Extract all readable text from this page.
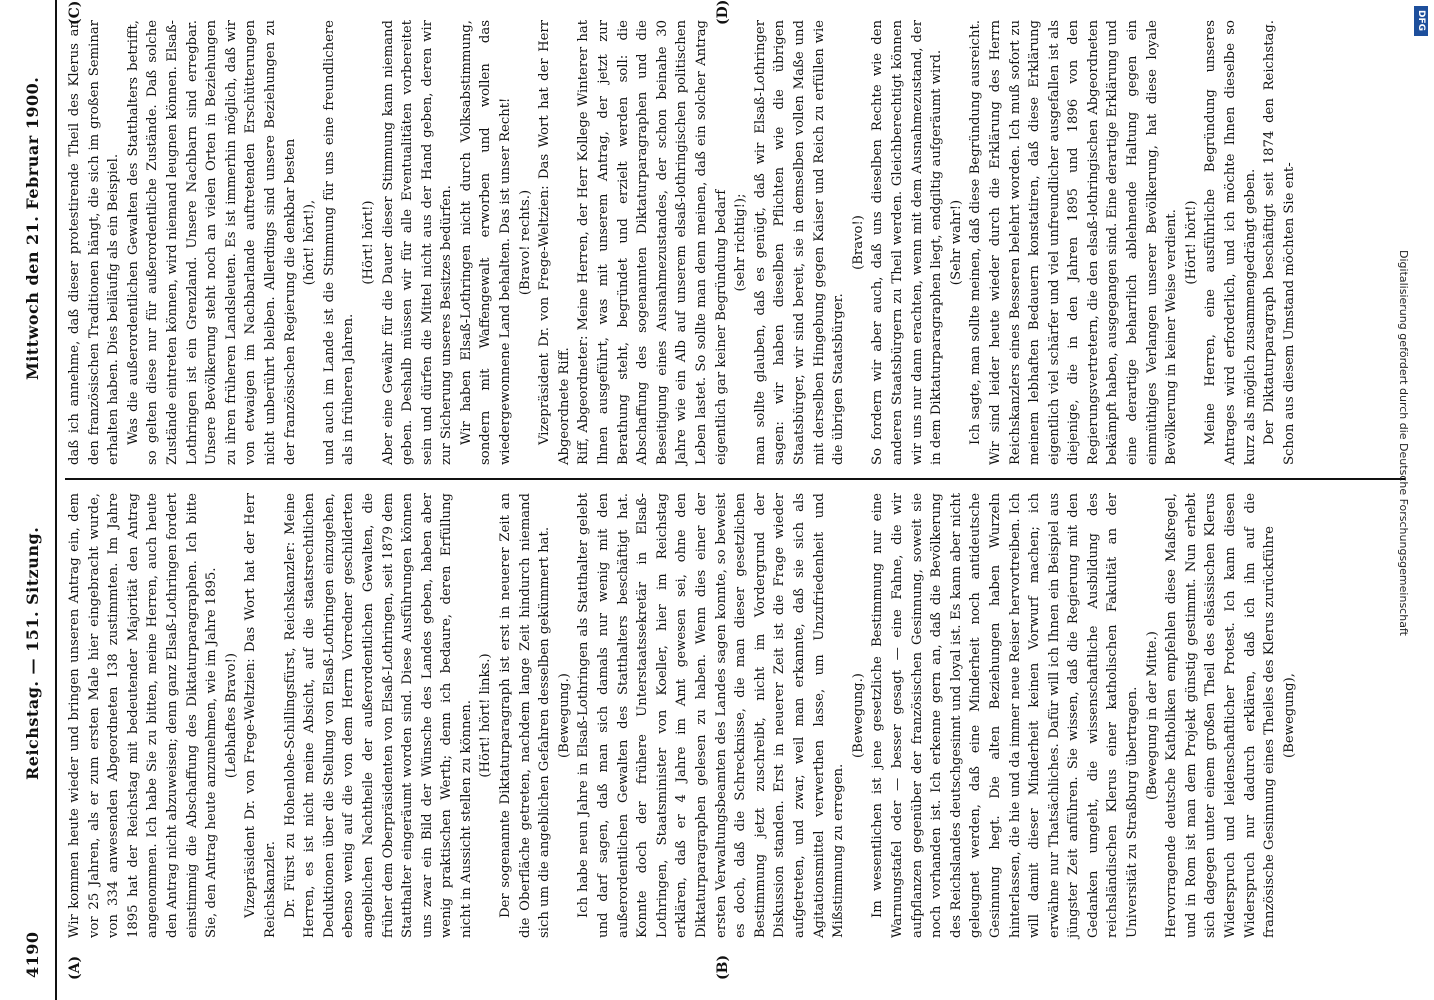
4190
Reichstag. — 151. Sitzung.
Mittwoch den 21. Februar 1900.
(A)	(B)
(C)	(D)

Wir kommen heute wieder und bringen unseren Antrag ein, dem vor 25 Jahren, als er zum ersten Male hier eingebracht wurde, von 334 anwesenden Abgeordneten 138 zustimmten. Im Jahre 1895 hat der Reichstag mit bedeutender Majorität den Antrag angenommen. Ich habe Sie zu bitten, meine Herren, auch heute den Antrag nicht abzuweisen; denn ganz Elsaß-Lothringen fordert einstimmig die Abschaffung des Diktaturparagraphen. Ich bitte Sie, den Antrag heute anzunehmen, wie im Jahre 1895. (Lebhaftes Bravo!) Vizepräsident Dr. von Frege-Weltzien: Das Wort hat der Herr Reichskanzler. Dr. Fürst zu Hohenlohe-Schillingsfürst, Reichskanzler: Meine Herren, es ist nicht meine Absicht, auf die staatsrechtlichen Deduktionen über die Stellung von Elsaß-Lothringen einzugehen, ebenso wenig auf die von dem Herrn Vorredner geschilderten angeblichen Nachtheile der außerordentlichen Gewalten, die früher dem Oberpräsidenten von Elsaß-Lothringen, seit 1879 dem Statthalter eingeräumt worden sind. Diese Ausführungen können uns zwar ein Bild der Wünsche des Landes geben, haben aber wenig praktischen Werth; denn ich bedaure, deren Erfüllung nicht in Aussicht stellen zu können. (Hört! hört! links.) Der sogenannte Diktaturparagraph ist erst in neuerer Zeit an die Oberfläche getreten, nachdem lange Zeit hindurch niemand sich um die angeblichen Gefahren desselben gekümmert hat. (Bewegung.) Ich habe neun Jahre in Elsaß-Lothringen als Statthalter gelebt und darf sagen, daß man sich damals nur wenig mit den außerordentlichen Gewalten des Statthalters beschäftigt hat. Konnte doch der frühere Unterstaatssekretär in Elsaß-Lothringen, Staatsminister von Koeller, hier im Reichstag erklären, daß er 4 Jahre im Amt gewesen sei, ohne den Diktaturparagraphen gelesen zu haben. Wenn dies einer der ersten Verwaltungsbeamten des Landes sagen konnte, so beweist es doch, daß die Schrecknisse, die man dieser gesetzlichen Bestimmung jetzt zuschreibt, nicht im Vordergrund der Diskussion standen. Erst in neuerer Zeit ist die Frage wieder aufgetreten, und zwar, weil man erkannte, daß sie sich als Agitationsmittel verwerthen lasse, um Unzufriedenheit und Mißstimmung zu erregen.

(Bewegung.) Im wesentlichen ist jene gesetzliche Bestimmung nur eine Warnungstafel oder — besser gesagt — eine Fahne, die wir aufpflanzen gegenüber der französischen Gesinnung, soweit sie noch vorhanden ist. Ich erkenne gern an, daß die Bevölkerung des Reichslandes deutschgesinnt und loyal ist. Es kann aber nicht geleugnet werden, daß eine Minderheit noch antideutsche Gesinnung hegt. Die alten Beziehungen haben Wurzeln hinterlassen, die hie und da immer neue Reiser hervortreiben. Ich will damit dieser Minderheit keinen Vorwurf machen; ich erwähne nur Thatsächliches. Dafür will ich Ihnen ein Beispiel aus jüngster Zeit anführen. Sie wissen, daß die Regierung mit den Gedanken umgeht, die wissenschaftliche Ausbildung des reichsländischen Klerus einer katholischen Fakultät an der Universität zu Straßburg übertragen. (Bewegung in der Mitte.) Hervorragende deutsche Katholiken empfehlen diese Maßregel, und in Rom ist man dem Projekt günstig gestimmt. Nun erhebt sich dagegen unter einem großen Theil des elsässischen Klerus Widerspruch und leidenschaftlicher Protest. Ich kann diesen Widerspruch nur dadurch erklären, daß ich ihn auf die französische Gesinnung eines Theiles des Klerus zurückführe (Bewegung),

daß ich annehme, daß dieser protestirende Theil des Klerus an den französischen Traditionen hängt, die sich im großen Seminar erhalten haben. Dies beiläufig als ein Beispiel. Was die außerordentlichen Gewalten des Statthalters betrifft, so gelten diese nur für außerordentliche Zustände. Daß solche Zustände eintreten können, wird niemand leugnen können. Elsaß-Lothringen ist ein Grenzland. Unsere Nachbarn sind erregbar. Unsere Bevölkerung steht noch an vielen Orten in Beziehungen zu ihren früheren Landsleuten. Es ist immerhin möglich, daß wir von etwaigen im Nachbarlande auftretenden Erschütterungen nicht unberührt bleiben. Allerdings sind unsere Beziehungen zu der französischen Regierung die denkbar besten (hört! hört!), und auch im Lande ist die Stimmung für uns eine freundlichere als in früheren Jahren.

(Hört! hört!) Aber eine Gewähr für die Dauer dieser Stimmung kann niemand geben. Deshalb müssen wir für alle Eventualitäten vorbereitet sein und dürfen die Mittel nicht aus der Hand geben, deren wir zur Sicherung unseres Besitzes bedürfen. Wir haben Elsaß-Lothringen nicht durch Volksabstimmung, sondern mit Waffengewalt erworben und wollen das wiedergewonnene Land behalten. Das ist unser Recht! (Bravo! rechts.) Vizepräsident Dr. von Frege-Weltzien: Das Wort hat der Herr Abgeordnete Riff. Riff, Abgeordneter: Meine Herren, der Herr Kollege Winterer hat Ihnen ausgeführt, was mit unserem Antrag, der jetzt zur Berathung steht, begründet und erzielt werden soll: die Abschaffung des sogenannten Diktaturparagraphen und die Beseitigung eines Ausnahmezustandes, der schon beinahe 30 Jahre wie ein Alb auf unserem elsaß-lothringischen politischen Leben lastet. So sollte man denn meinen, daß ein solcher Antrag eigentlich gar keiner Begründung bedarf (sehr richtig!); man sollte glauben, daß es genügt, daß wir Elsaß-Lothringer sagen: wir haben dieselben Pflichten wie die übrigen Staatsbürger, wir sind bereit, sie in demselben vollen Maße und mit derselben Hingebung gegen Kaiser und Reich zu erfüllen wie die übrigen Staatsbürger.

(Bravo!) So fordern wir aber auch, daß uns dieselben Rechte wie den anderen Staatsbürgern zu Theil werden. Gleichberechtigt können wir uns nur dann erachten, wenn mit dem Ausnahmezustand, der in dem Diktaturparagraphen liegt, endgiltig aufgeräumt wird. (Sehr wahr!) Ich sagte, man sollte meinen, daß diese Begründung ausreicht. Wir sind leider heute wieder durch die Erklärung des Herrn Reichskanzlers eines Besseren belehrt worden. Ich muß sofort zu meinem lebhaften Bedauern konstatiren, daß diese Erklärung eigentlich viel schärfer und viel unfreundlicher ausgefallen ist als diejenige, die in den Jahren 1895 und 1896 von den Regierungsvertretern, die den elsaß-lothringischen Abgeordneten bekämpft haben, ausgegangen sind. Eine derartige Erklärung und eine derartige beharrlich ablehnende Haltung gegen ein einmüthiges Verlangen unserer Bevölkerung, hat diese loyale Bevölkerung in keiner Weise verdient. (Hört! hört!) Meine Herren, eine ausführliche Begründung unseres Antrages wird erforderlich, und ich möchte Ihnen dieselbe so kurz als möglich zusammengedrängt geben. Der Diktaturparagraph beschäftigt seit 1874 den Reichstag. Schon aus diesem Umstand möchten Sie ent-

DFG
Digitalisierung gefördert durch die Deutsche Forschungsgemeinschaft
